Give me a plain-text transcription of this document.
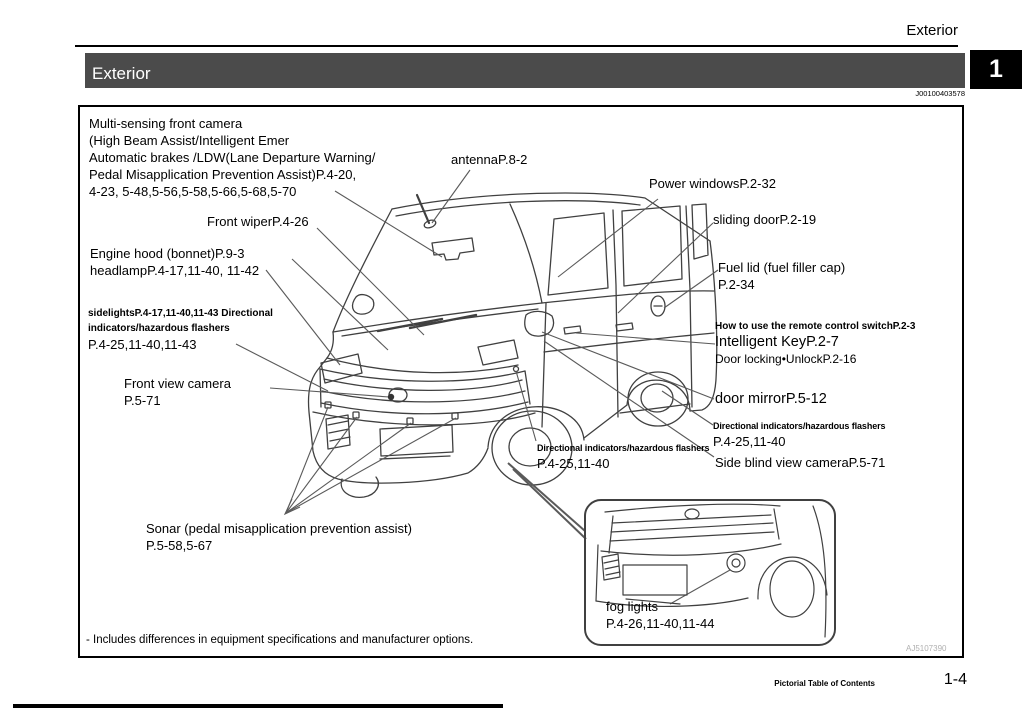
Exterior
Exterior	1
J00100403578
Multi-sensing front camera
(High Beam Assist/Intelligent Emer
Automatic brakes /LDW(Lane Departure Warning/
Pedal Misapplication Prevention Assist)P.4-20,
4-23, 5-48,5-56,5-58,5-66,5-68,5-70
Front wiperP.4-26
antennaP.8-2
Power windowsP.2-32
sliding doorP.2-19
Fuel lid (fuel filler cap)
P.2-34
Engine hood (bonnet)P.9-3
headlampP.4-17,11-40, 11-42
sidelightsP.4-17,11-40,11-43 Directional
indicators/hazardous flashers
P.4-25,11-40,11-43
Front view camera
P.5-71
How to use the remote control switchP.2-3
Intelligent KeyP.2-7
Door locking•UnlockP.2-16
door mirrorP.5-12
Directional indicators/hazardous flashers
P.4-25,11-40
Side blind view cameraP.5-71
Directional indicators/hazardous flashers
P.4-25,11-40
Sonar (pedal misapplication prevention assist)
P.5-58,5-67
fog lights
P.4-26,11-40,11-44
- Includes differences in equipment specifications and manufacturer options.
AJ5107390
Pictorial Table of Contents	1-4
